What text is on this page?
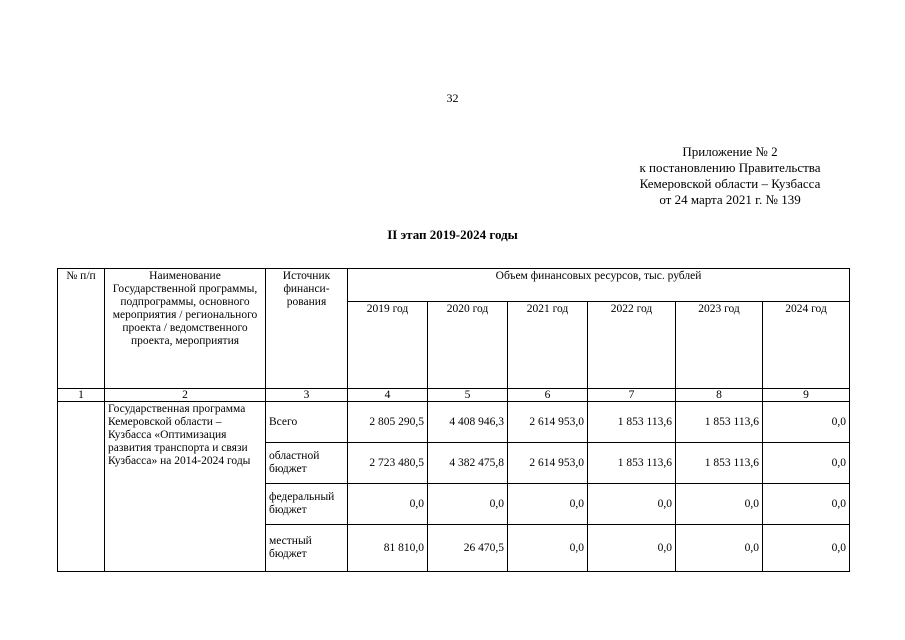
32
Приложение № 2
к постановлению Правительства
Кемеровской области – Кузбасса
от 24 марта 2021 г. № 139
II этап 2019-2024 годы
№ п/п	Наименование Государственной программы, подпрограммы, основного мероприятия / регионального проекта / ведомственного проекта, мероприятия	Источник финанси-рования	Объем финансовых ресурсов, тыс. рублей					
			2019 год	2020 год	2021 год	2022 год	2023 год	2024 год
1	2	3	4	5	6	7	8	9
	Государственная программа Кемеровской области – Кузбасса «Оптимизация развития транспорта и связи Кузбасса» на 2014-2024 годы	Всего	2 805 290,5	4 408 946,3	2 614 953,0	1 853 113,6	1 853 113,6	0,0
		областной бюджет	2 723 480,5	4 382 475,8	2 614 953,0	1 853 113,6	1 853 113,6	0,0
		федеральный бюджет	0,0	0,0	0,0	0,0	0,0	0,0
		местный бюджет	81 810,0	26 470,5	0,0	0,0	0,0	0,0
